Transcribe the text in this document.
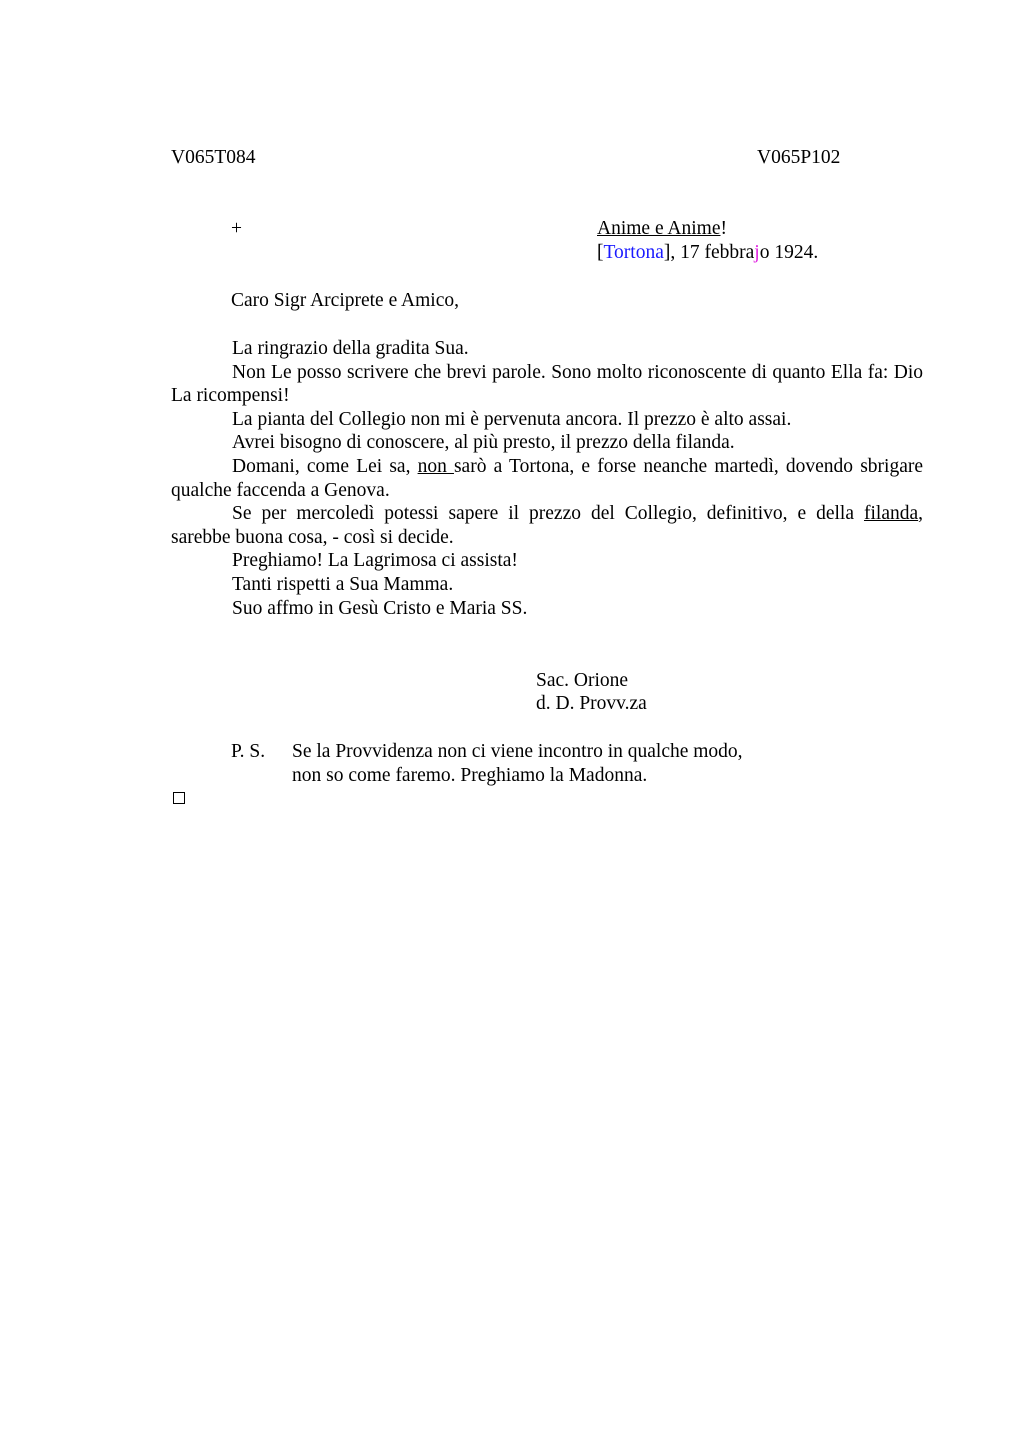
V065T084	V065P102
+	Anime e Anime!
[Tortona], 17 febbrajo 1924.
Caro Sigr Arciprete e Amico,

La ringrazio della gradita Sua.

Non Le posso scrivere che brevi parole. Sono molto riconoscente di quanto Ella fa: Dio La ricompensi!

La pianta del Collegio non mi è pervenuta ancora. Il prezzo è alto assai.

Avrei bisogno di conoscere, al più presto, il prezzo della filanda.

Domani, come Lei sa, non sarò a Tortona, e forse neanche martedì, dovendo sbrigare qualche faccenda a Genova.

Se per mercoledì potessi sapere il prezzo del Collegio, definitivo, e della filanda, sarebbe buona cosa, - così si decide.

Preghiamo! La Lagrimosa ci assista!

Tanti rispetti a Sua Mamma.

Suo affmo in Gesù Cristo e Maria SS.

Sac. Orione
d. D. Provv.za
P. S. Se la Provvidenza non ci viene incontro in qualche modo,
non so come faremo. Preghiamo la Madonna.
